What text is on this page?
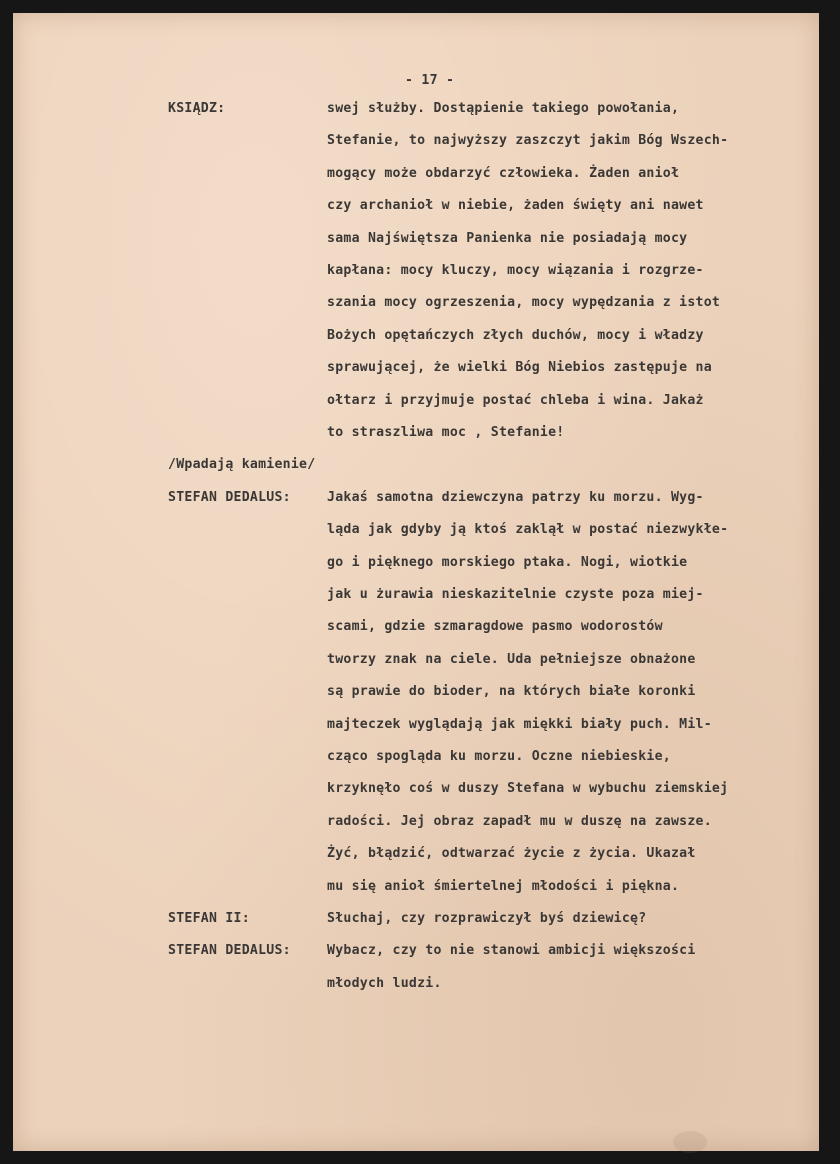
- 17 -
KSIĄDZ:	swej służby. Dostąpienie takiego powołania,
Stefanie, to najwyższy zaszczyt jakim Bóg Wszech-
mogący może obdarzyć człowieka. Żaden anioł
czy archanioł w niebie, żaden święty ani nawet
sama Najświętsza Panienka nie posiadają mocy
kapłana: mocy kluczy, mocy wiązania i rozgrze-
szania mocy ogrzeszenia, mocy wypędzania z istot
Bożych opętańczych złych duchów, mocy i władzy
sprawującej, że wielki Bóg Niebios zastępuje na
ołtarz i przyjmuje postać chleba i wina. Jakaż
to straszliwa moc , Stefanie!
/Wpadają kamienie/
STEFAN DEDALUS:	Jakaś samotna dziewczyna patrzy ku morzu. Wyg-
ląda jak gdyby ją ktoś zaklął w postać niezwykłe-
go i pięknego morskiego ptaka. Nogi, wiotkie
jak u żurawia nieskazitelnie czyste poza miej-
scami, gdzie szmaragdowe pasmo wodorostów
tworzy znak na ciele. Uda pełniejsze obnażone
są prawie do bioder, na których białe koronki
majteczek wyglądają jak miękki biały puch. Mil-
cząco spogląda ku morzu. Oczne niebieskie,
krzyknęło coś w duszy Stefana w wybuchu ziemskiej
radości. Jej obraz zapadł mu w duszę na zawsze.
Żyć, błądzić, odtwarzać życie z życia. Ukazał
mu się anioł śmiertelnej młodości i piękna.
STEFAN II:	Słuchaj, czy rozprawiczył byś dziewicę?
STEFAN DEDALUS:	Wybacz, czy to nie stanowi ambicji większości
młodych ludzi.
